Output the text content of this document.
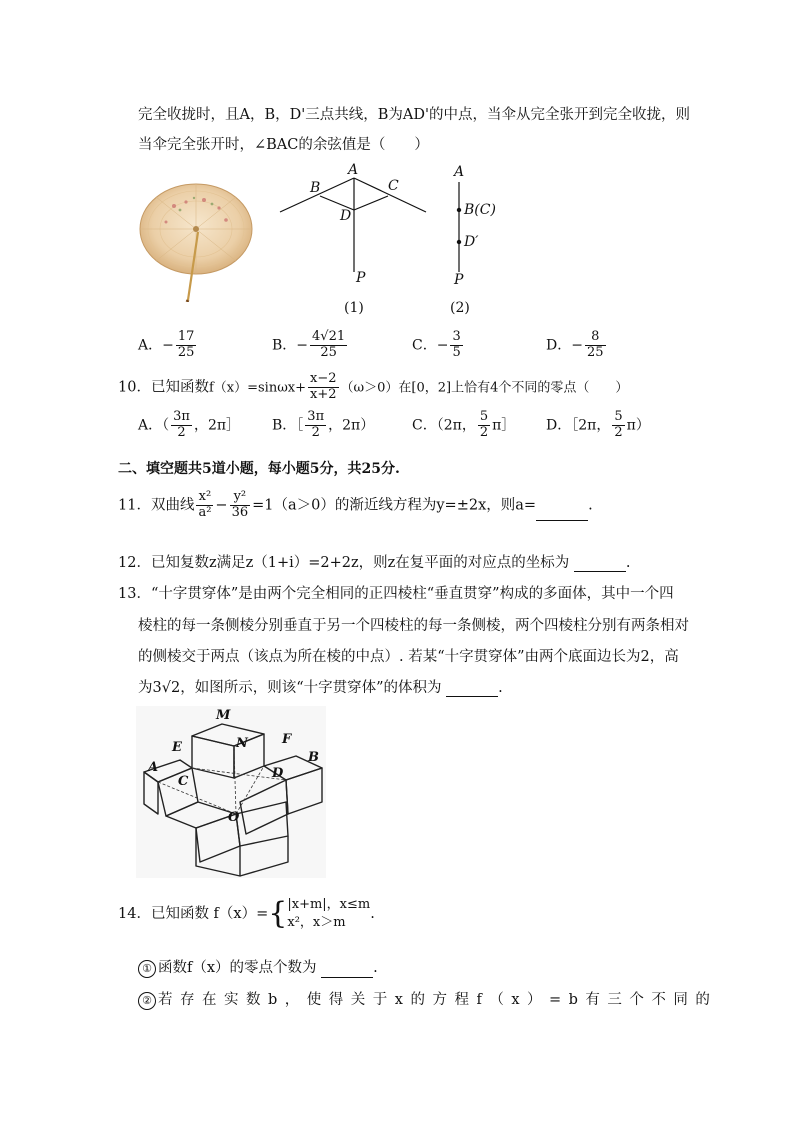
完全收拢时，且A，B，D'三点共线，B为AD'的中点，当伞从完全张开到完全收拢，则
当伞完全张开时，∠BAC的余弦值是（　　）
A
B	C
D
P
(1)
A
B(C)
D′
P
(2)
A．− $\frac{17}{25}$	B．− $\frac{4√21}{25}$	C．− $\frac{3}{5}$	D．− $\frac{8}{25}$
10．已知函数$f(x)=\sin\omega x+ \frac{x-2}{x+2} (\omega>0)$在[0，2]上恰有4个不同的零点（　　）
A．（ $\frac{3\pi}{2}$ ，2π］ B．［ $\frac{3\pi}{2}$ ，2π）	C．（2π， $\frac{5}{2}$ π］ D．［2π， $\frac{5}{2} \pi$）
二、填空题共5道小题，每小题5分，共25分.
11．双曲线 $\frac{\text{x²}}{\text{a²}} - \frac{\text{y²}}{36} =1(a>0)$的渐近线方程为y=±2x，则a=	.
12．已知复数z满足z（1+i）=2+2z，则z在复平面的对应点的坐标为	.
13．“十字贯穿体”是由两个完全相同的正四棱柱“垂直贯穿”构成的多面体，其中一个四
棱柱的每一条侧棱分别垂直于另一个四棱柱的每一条侧棱，两个四棱柱分别有两条相对
的侧棱交于两点（该点为所在棱的中点）. 若某“十字贯穿体”由两个底面边长为2，高
为3√2，如图所示，则该“十字贯穿体”的体积为	.
M
N
E
F
A
B
C
D
O
14．已知函数 f（x）={ |x+m|，x≤m
x²，x＞m
.
① 函数f（x）的零点个数为	.
② 若存在实数b，使得关于x的方程f（x）=b有三个不同的
